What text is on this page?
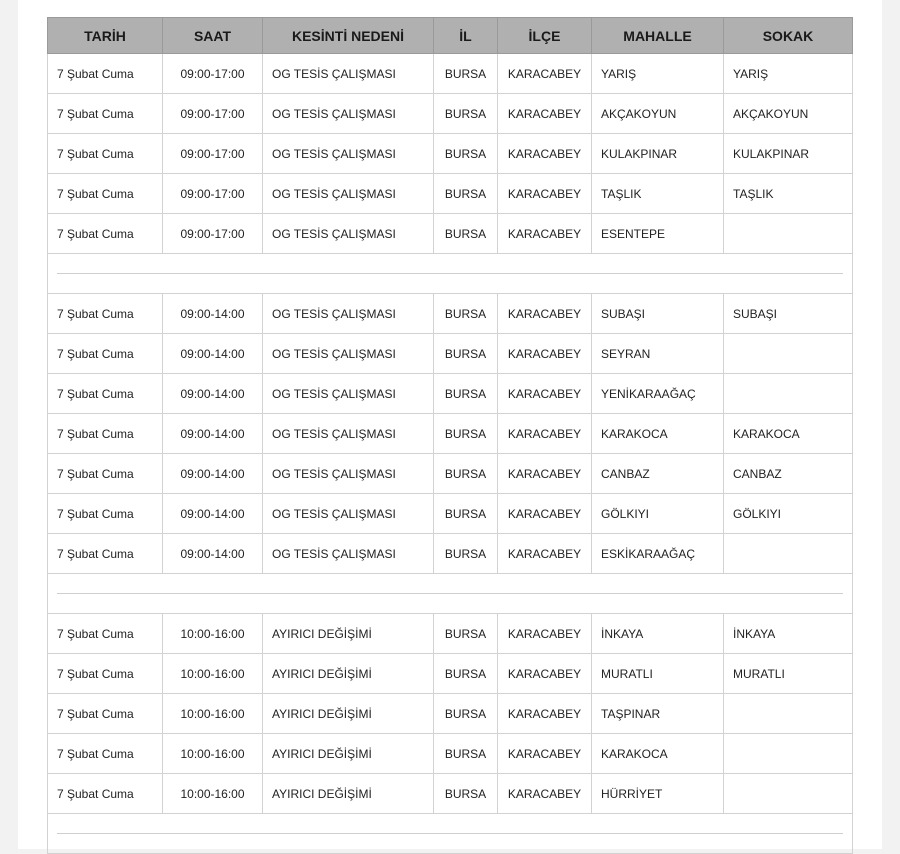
TARİH	SAAT	KESİNTİ NEDENİ	İL	İLÇE	MAHALLE	SOKAK
7 Şubat Cuma	09:00-17:00	OG TESİS ÇALIŞMASI	BURSA	KARACABEY	YARIŞ	YARIŞ
7 Şubat Cuma	09:00-17:00	OG TESİS ÇALIŞMASI	BURSA	KARACABEY	AKÇAKOYUN	AKÇAKOYUN
7 Şubat Cuma	09:00-17:00	OG TESİS ÇALIŞMASI	BURSA	KARACABEY	KULAKPINAR	KULAKPINAR
7 Şubat Cuma	09:00-17:00	OG TESİS ÇALIŞMASI	BURSA	KARACABEY	TAŞLIK	TAŞLIK
7 Şubat Cuma	09:00-17:00	OG TESİS ÇALIŞMASI	BURSA	KARACABEY	ESENTEPE	

7 Şubat Cuma	09:00-14:00	OG TESİS ÇALIŞMASI	BURSA	KARACABEY	SUBAŞI	SUBAŞI
7 Şubat Cuma	09:00-14:00	OG TESİS ÇALIŞMASI	BURSA	KARACABEY	SEYRAN	
7 Şubat Cuma	09:00-14:00	OG TESİS ÇALIŞMASI	BURSA	KARACABEY	YENİKARAAĞAÇ	
7 Şubat Cuma	09:00-14:00	OG TESİS ÇALIŞMASI	BURSA	KARACABEY	KARAKOCA	KARAKOCA
7 Şubat Cuma	09:00-14:00	OG TESİS ÇALIŞMASI	BURSA	KARACABEY	CANBAZ	CANBAZ
7 Şubat Cuma	09:00-14:00	OG TESİS ÇALIŞMASI	BURSA	KARACABEY	GÖLKIYI	GÖLKIYI
7 Şubat Cuma	09:00-14:00	OG TESİS ÇALIŞMASI	BURSA	KARACABEY	ESKİKARAAĞAÇ	

7 Şubat Cuma	10:00-16:00	AYIRICI DEĞİŞİMİ	BURSA	KARACABEY	İNKAYA	İNKAYA
7 Şubat Cuma	10:00-16:00	AYIRICI DEĞİŞİMİ	BURSA	KARACABEY	MURATLI	MURATLI
7 Şubat Cuma	10:00-16:00	AYIRICI DEĞİŞİMİ	BURSA	KARACABEY	TAŞPINAR	
7 Şubat Cuma	10:00-16:00	AYIRICI DEĞİŞİMİ	BURSA	KARACABEY	KARAKOCA	
7 Şubat Cuma	10:00-16:00	AYIRICI DEĞİŞİMİ	BURSA	KARACABEY	HÜRRİYET	
